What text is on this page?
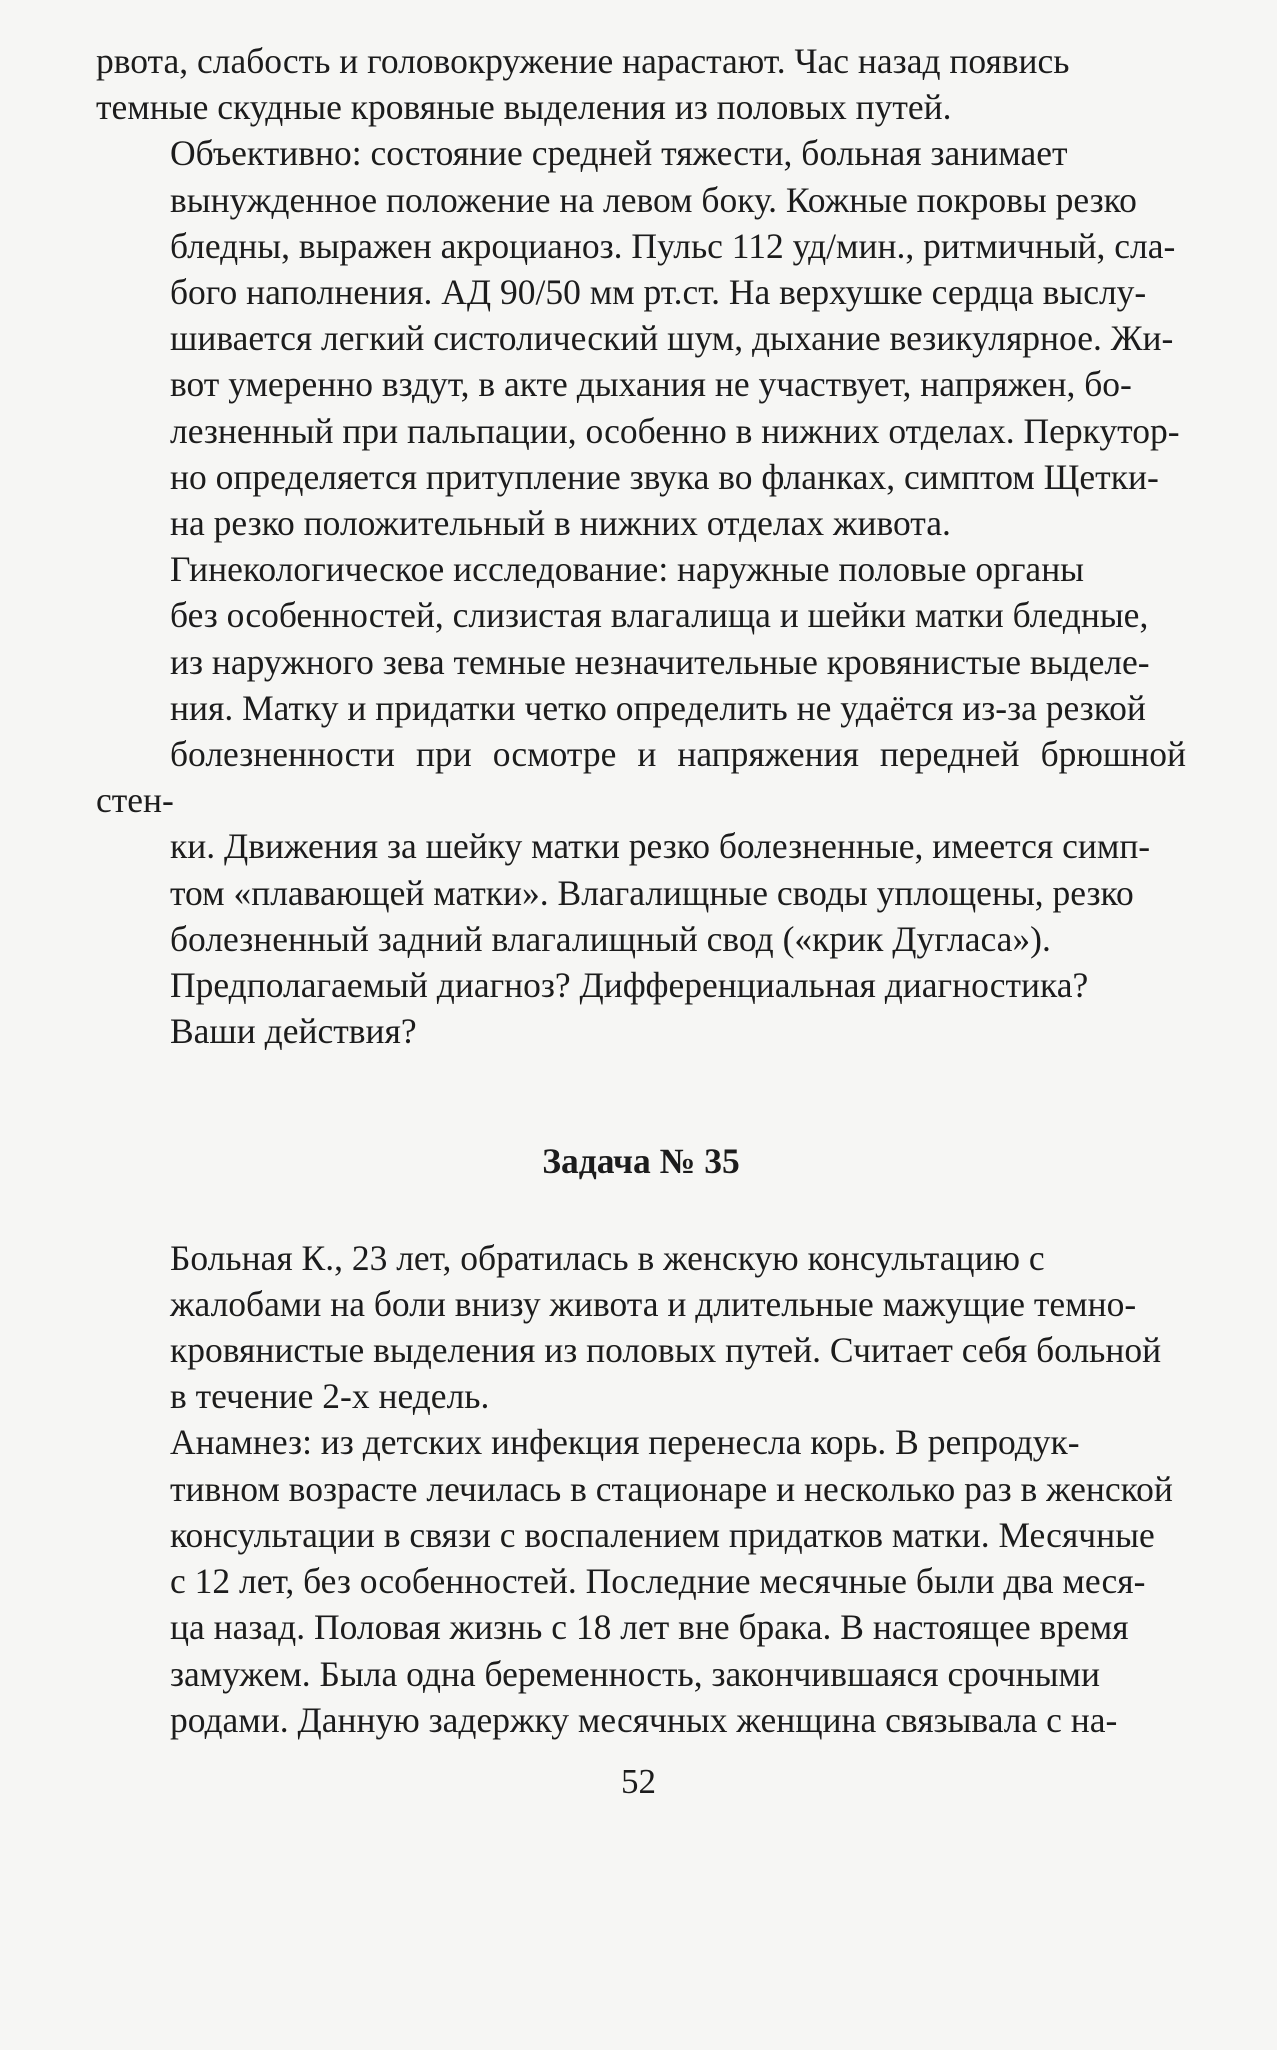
рвота, слабость и головокружение нарастают. Час назад появись
темные скудные кровяные выделения из половых путей.

Объективно: состояние средней тяжести, больная занимает
вынужденное положение на левом боку. Кожные покровы резко
бледны, выражен акроцианоз. Пульс 112 уд/мин., ритмичный, сла-
бого наполнения. АД 90/50 мм рт.ст. На верхушке сердца выслу-
шивается легкий систолический шум, дыхание везикулярное. Жи-
вот умеренно вздут, в акте дыхания не участвует, напряжен, бо-
лезненный при пальпации, особенно в нижних отделах. Перкутор-
но определяется притупление звука во фланках, симптом Щетки-
на резко положительный в нижних отделах живота.

Гинекологическое исследование: наружные половые органы
без особенностей, слизистая влагалища и шейки матки бледные,
из наружного зева темные незначительные кровянистые выделе-
ния. Матку и придатки четко определить не удаётся из-за резкой
болезненности при осмотре и напряжения передней брюшной стен-
ки. Движения за шейку матки резко болезненные, имеется симп-
том «плавающей матки». Влагалищные своды уплощены, резко
болезненный задний влагалищный свод («крик Дугласа»).

Предполагаемый диагноз? Дифференциальная диагностика?
Ваши действия?

Задача № 35

Больная К., 23 лет, обратилась в женскую консультацию с
жалобами на боли внизу живота и длительные мажущие темно-
кровянистые выделения из половых путей. Считает себя больной
в течение 2-х недель.

Анамнез: из детских инфекция перенесла корь. В репродук-
тивном возрасте лечилась в стационаре и несколько раз в женской
консультации в связи с воспалением придатков матки. Месячные
с 12 лет, без особенностей. Последние месячные были два меся-
ца назад. Половая жизнь с 18 лет вне брака. В настоящее время
замужем. Была одна беременность, закончившаяся срочными
родами. Данную задержку месячных женщина связывала с на-

52
